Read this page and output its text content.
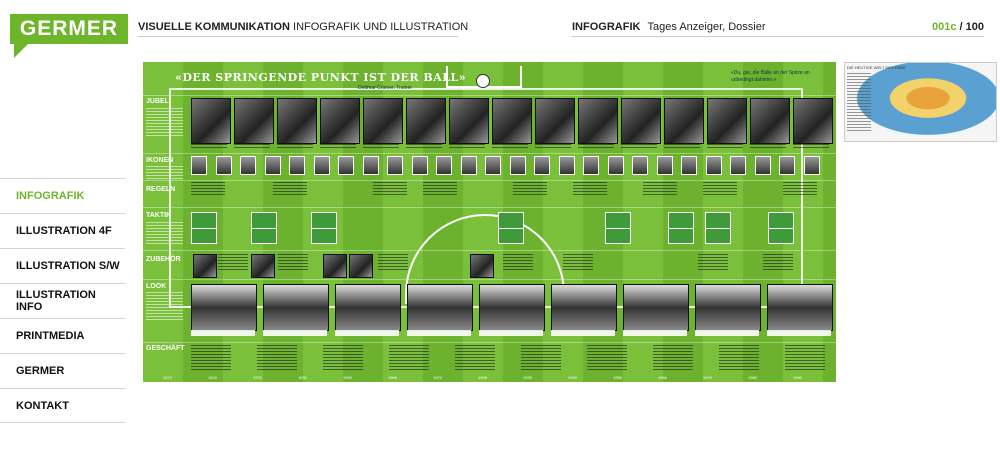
GERMER VISUELLE KOMMUNIKATION INFOGRAFIK UND ILLUSTRATION	INFOGRAFIK Tages Anzeiger, Dossier	001c / 100
INFOGRAFIK
ILLUSTRATION 4F
ILLUSTRATION S/W
ILLUSTRATION INFO
PRINTMEDIA
GERMER
KONTAKT
«DER SPRINGENDE PUNKT IST DER BALL»
Dettmar Cramer, Trainer
«Du, gar, die Bälle an der Spitze an unbedingt dahinter.»
JUBEL
IKONEN
REGELN
TAKTIK
ZUBEHÖR
LOOK
GESCHÄFT
1874	1900	1970	1930	1950	1965	1974	1925	1935	1940	1955	1960	1970	1980	1990
DIE HEUTIGE WELT DES ENDE
